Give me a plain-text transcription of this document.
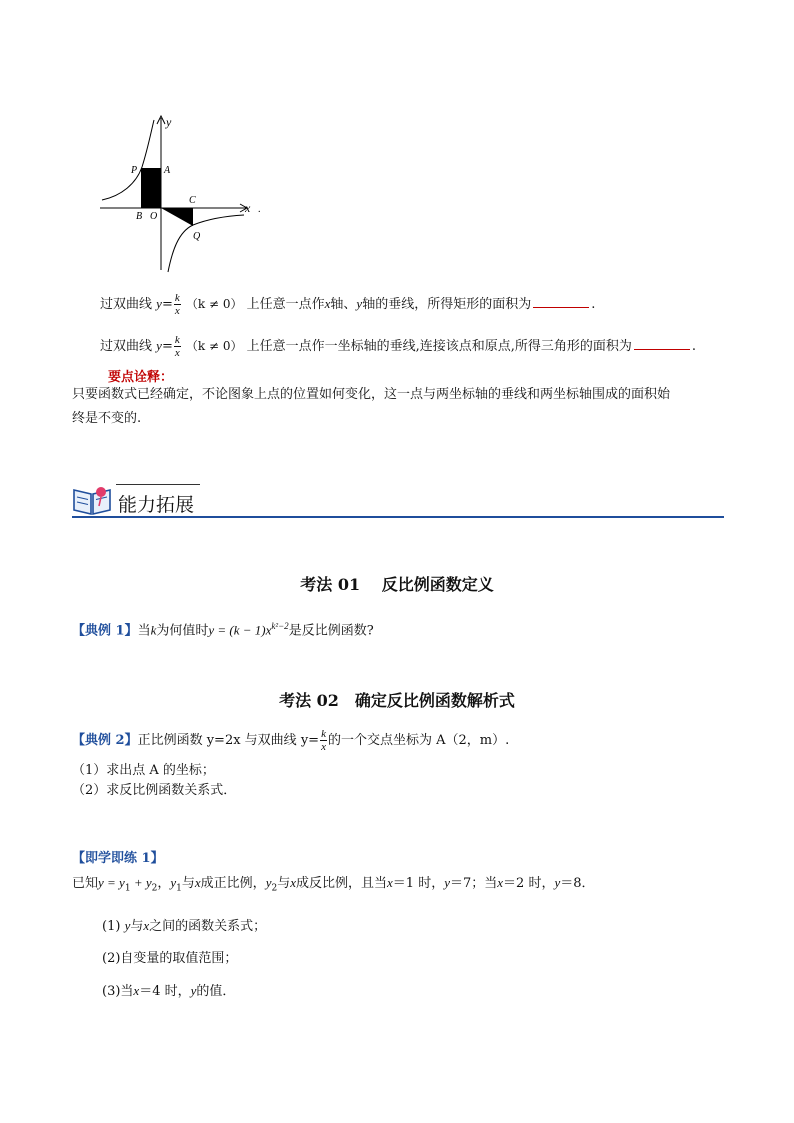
y
x .
P	A
B O
C
Q
过双曲线 $y= \frac{k}{x} (k \ne 0)$ 上任意一点作x轴、y轴的垂线，所得矩形的面积为	.
过双曲线 $y= \frac{k}{x} (k \ne 0)$ 上任意一点作一坐标轴的垂线,连接该点和原点,所得三角形的面积为	.
要点诠释：
只要函数式已经确定，不论图象上点的位置如何变化，这一点与两坐标轴的垂线和两坐标轴围成的面积始
终是不变的.
能力拓展
考法 01　 反比例函数定义
【典例 1】当k为何值时$y = (k - 1)x^{k^2-2}$是反比例函数?
考法 02　确定反比例函数解析式
【典例 2】正比例函数 y=2x 与双曲线 $y= \frac{k}{x}$ 的一个交点坐标为 A（2，m）.
（1）求出点 A 的坐标；
（2）求反比例函数关系式．
【即学即练 1】
已知$y = y_1 + y_2$，$y_1$与x成正比例，$y_2$与x成反比例，且当x＝1 时，y＝7；当x＝2 时，y＝8．
(1) y与x之间的函数关系式；
(2)自变量的取值范围；
(3)当x＝4 时，y的值．
